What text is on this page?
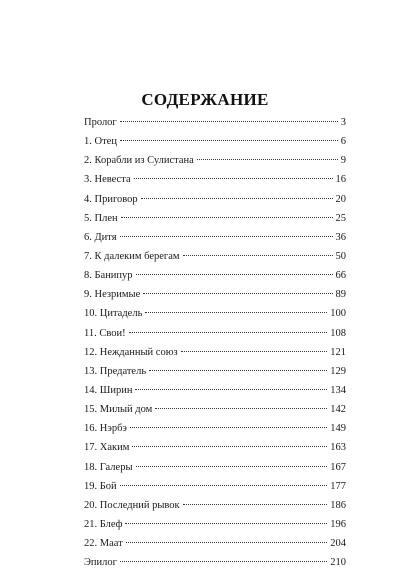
СОДЕРЖАНИЕ
Пролог	3
1. Отец	6
2. Корабли из Сулистана	9
3. Невеста	16
4. Приговор	20
5. Плен	25
6. Дитя	36
7. К далеким берегам	50
8. Банипур	66
9. Незримые	89
10. Цитадель	100
11. Свои!	108
12. Нежданный союз	121
13. Предатель	129
14. Ширин	134
15. Милый дом	142
16. Нэрбэ	149
17. Хаким	163
18. Галеры	167
19. Бой	177
20. Последний рывок	186
21. Блеф	196
22. Маат	204
Эпилог	210
